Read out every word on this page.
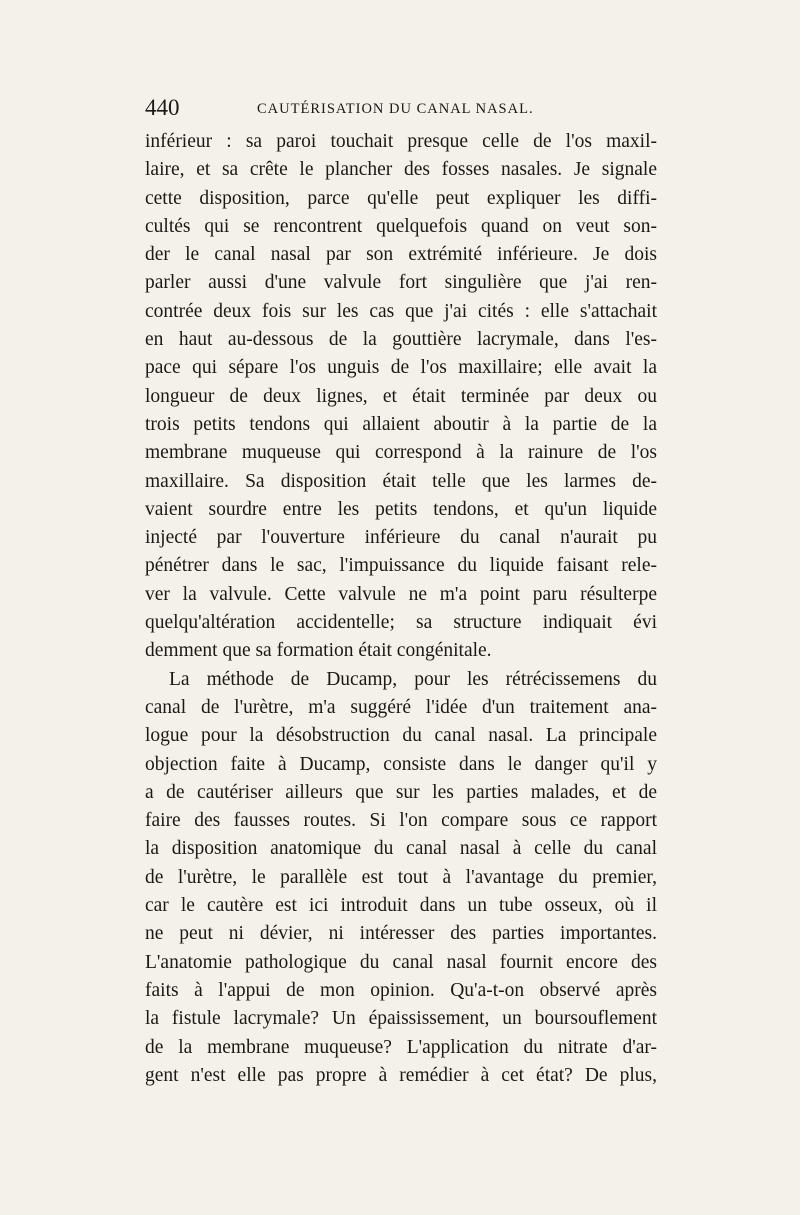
440	CAUTÉRISATION DU CANAL NASAL.
inférieur : sa paroi touchait presque celle de l'os maxil-
laire, et sa crête le plancher des fosses nasales. Je signale
cette disposition, parce qu'elle peut expliquer les diffi-
cultés qui se rencontrent quelquefois quand on veut son-
der le canal nasal par son extrémité inférieure. Je dois
parler aussi d'une valvule fort singulière que j'ai ren-
contrée deux fois sur les cas que j'ai cités : elle s'attachait
en haut au-dessous de la gouttière lacrymale, dans l'es-
pace qui sépare l'os unguis de l'os maxillaire; elle avait la
longueur de deux lignes, et était terminée par deux ou
trois petits tendons qui allaient aboutir à la partie de la
membrane muqueuse qui correspond à la rainure de l'os
maxillaire. Sa disposition était telle que les larmes de-
vaient sourdre entre les petits tendons, et qu'un liquide
injecté par l'ouverture inférieure du canal n'aurait pu
pénétrer dans le sac, l'impuissance du liquide faisant rele-
ver la valvule. Cette valvule ne m'a point paru résulterpe
quelqu'altération accidentelle; sa structure indiquait évi
demment que sa formation était congénitale.
La méthode de Ducamp, pour les rétrécissemens du
canal de l'urètre, m'a suggéré l'idée d'un traitement ana-
logue pour la désobstruction du canal nasal. La principale
objection faite à Ducamp, consiste dans le danger qu'il y
a de cautériser ailleurs que sur les parties malades, et de
faire des fausses routes. Si l'on compare sous ce rapport
la disposition anatomique du canal nasal à celle du canal
de l'urètre, le parallèle est tout à l'avantage du premier,
car le cautère est ici introduit dans un tube osseux, où il
ne peut ni dévier, ni intéresser des parties importantes.
L'anatomie pathologique du canal nasal fournit encore des
faits à l'appui de mon opinion. Qu'a-t-on observé après
la fistule lacrymale? Un épaississement, un boursouflement
de la membrane muqueuse? L'application du nitrate d'ar-
gent n'est elle pas propre à remédier à cet état? De plus,
